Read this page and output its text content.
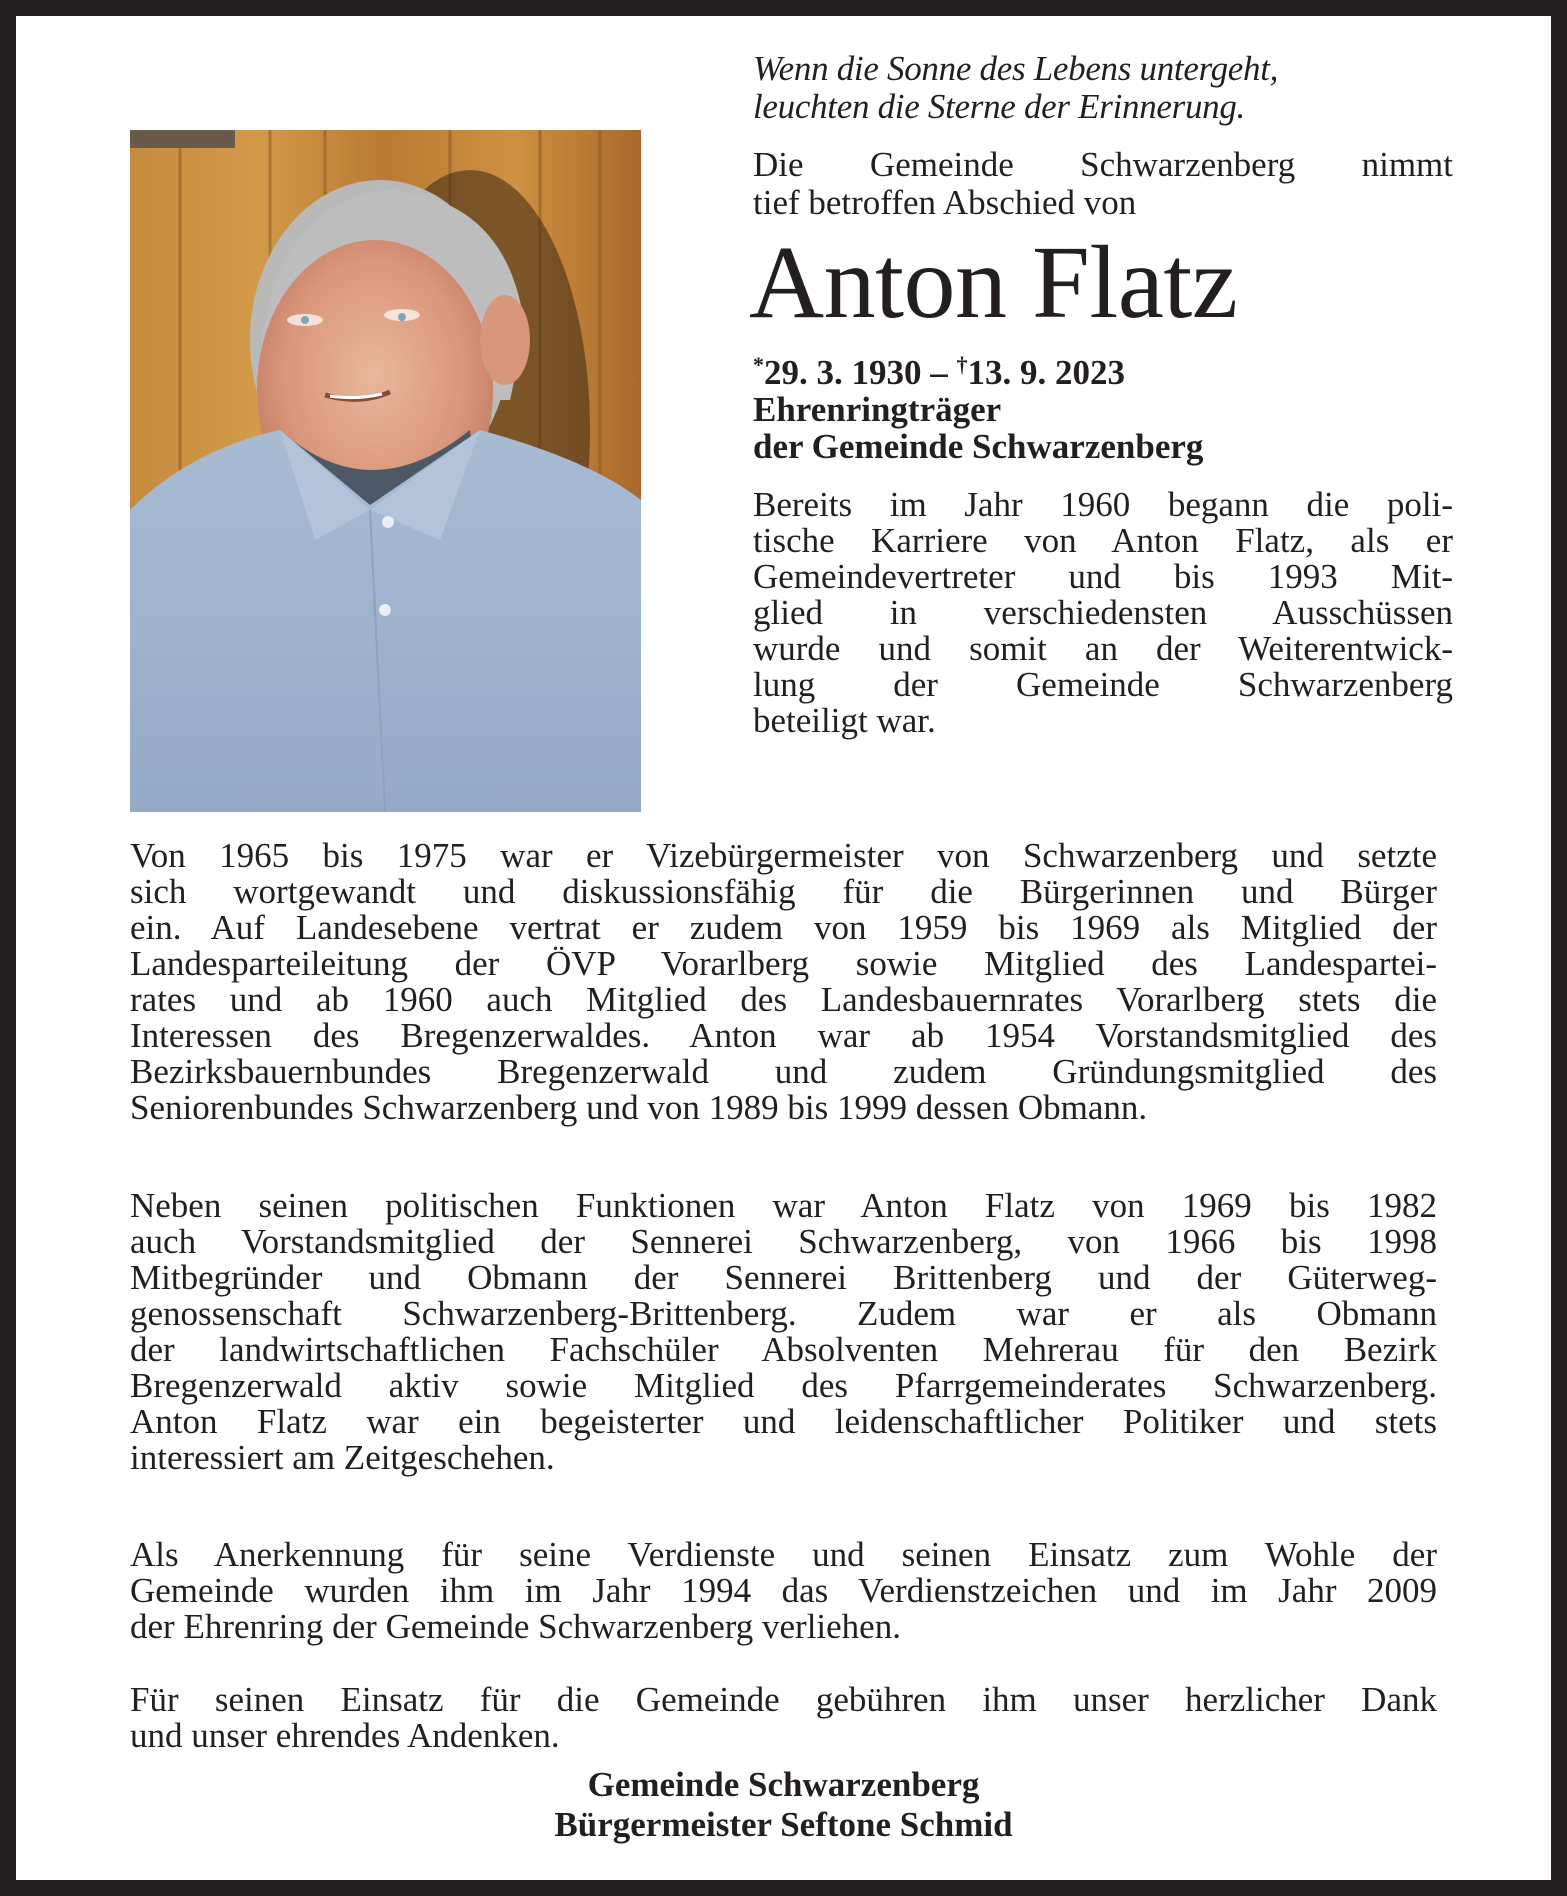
Wenn die Sonne des Lebens untergeht,
leuchten die Sterne der Erinnerung.
Die Gemeinde Schwarzenberg nimmt
tief betroffen Abschied von
Anton Flatz
*29. 3. 1930 – †13. 9. 2023
Ehrenringträger
der Gemeinde Schwarzenberg
Bereits im Jahr 1960 begann die poli-
tische Karriere von Anton Flatz, als er
Gemeindevertreter und bis 1993 Mit-
glied in verschiedensten Ausschüssen
wurde und somit an der Weiterentwick-
lung der Gemeinde Schwarzenberg
beteiligt war.
Von 1965 bis 1975 war er Vizebürgermeister von Schwarzenberg und setzte
sich wortgewandt und diskussionsfähig für die Bürgerinnen und Bürger
ein. Auf Landesebene vertrat er zudem von 1959 bis 1969 als Mitglied der
Landesparteileitung der ÖVP Vorarlberg sowie Mitglied des Landespartei-
rates und ab 1960 auch Mitglied des Landesbauernrates Vorarlberg stets die
Interessen des Bregenzerwaldes. Anton war ab 1954 Vorstandsmitglied des
Bezirksbauernbundes Bregenzerwald und zudem Gründungsmitglied des
Seniorenbundes Schwarzenberg und von 1989 bis 1999 dessen Obmann.
Neben seinen politischen Funktionen war Anton Flatz von 1969 bis 1982
auch Vorstandsmitglied der Sennerei Schwarzenberg, von 1966 bis 1998
Mitbegründer und Obmann der Sennerei Brittenberg und der Güterweg-
genossenschaft Schwarzenberg-Brittenberg. Zudem war er als Obmann
der landwirtschaftlichen Fachschüler Absolventen Mehrerau für den Bezirk
Bregenzerwald aktiv sowie Mitglied des Pfarrgemeinderates Schwarzenberg.
Anton Flatz war ein begeisterter und leidenschaftlicher Politiker und stets
interessiert am Zeitgeschehen.
Als Anerkennung für seine Verdienste und seinen Einsatz zum Wohle der
Gemeinde wurden ihm im Jahr 1994 das Verdienstzeichen und im Jahr 2009
der Ehrenring der Gemeinde Schwarzenberg verliehen.
Für seinen Einsatz für die Gemeinde gebühren ihm unser herzlicher Dank
und unser ehrendes Andenken.
Gemeinde Schwarzenberg
Bürgermeister Seftone Schmid
